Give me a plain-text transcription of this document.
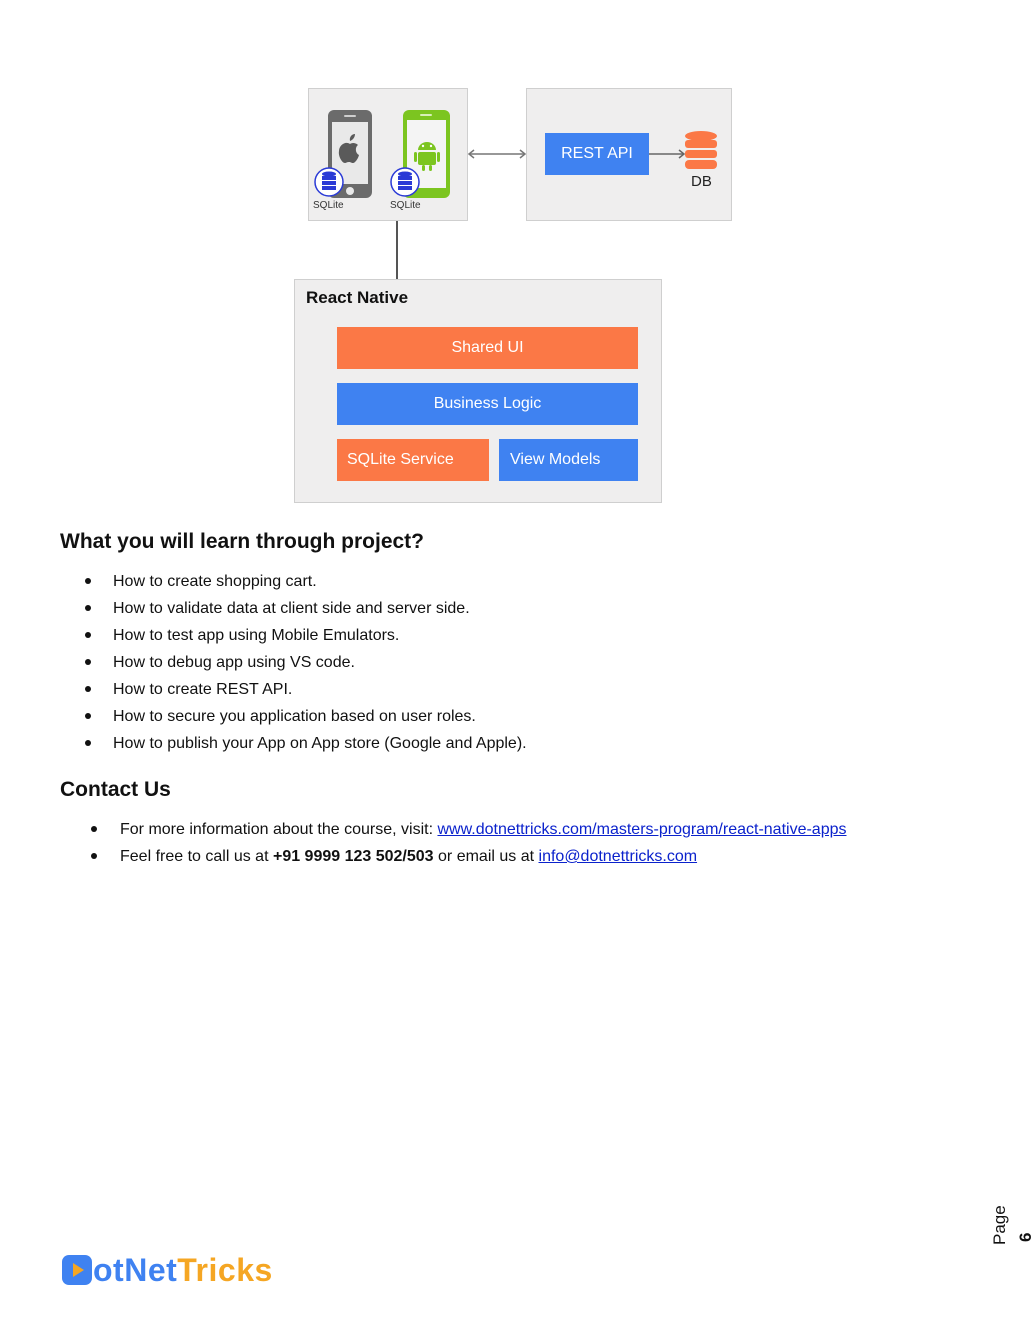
SQLite	SQLite
REST API
DB
React Native
Shared UI
Business Logic
SQLite Service	View Models
What you will learn through project?
How to create shopping cart.
How to validate data at client side and server side.
How to test app using Mobile Emulators.
How to debug app using VS code.
How to create REST API.
How to secure you application based on user roles.
How to publish your App on App store (Google and Apple).
Contact Us
For more information about the course, visit: www.dotnettricks.com/masters-program/react-native-apps
Feel free to call us at +91 9999 123 502/503 or email us at info@dotnettricks.com
otNet Tricks
Page 6
